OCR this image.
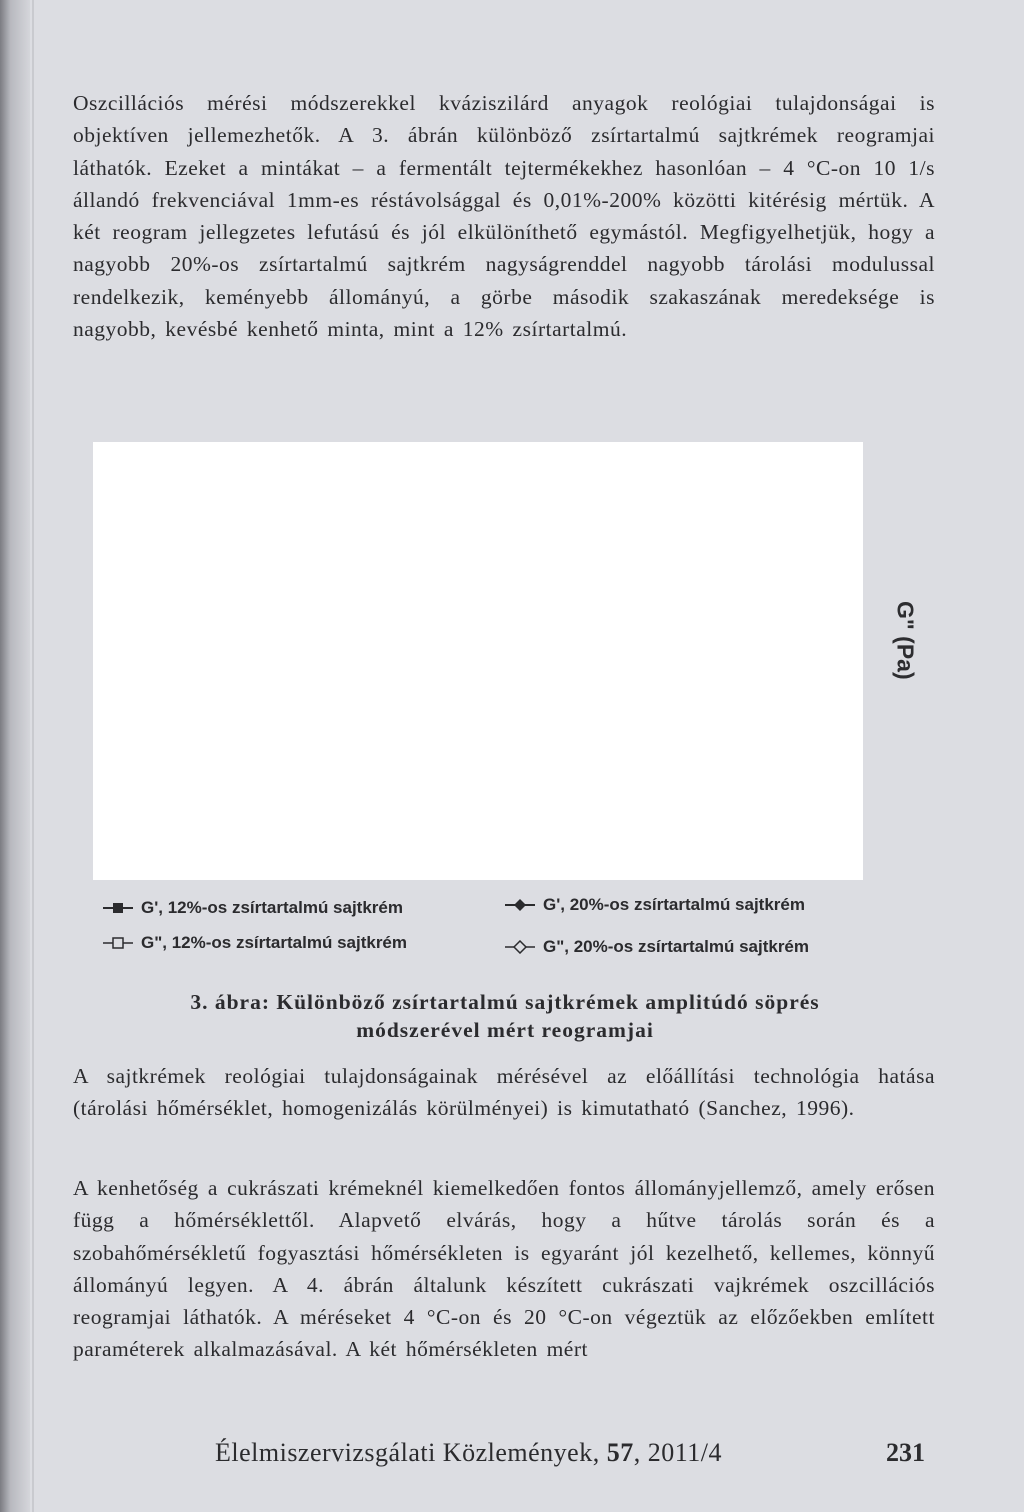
Oszcillációs mérési módszerekkel kváziszilárd anyagok reológiai tulajdonságai is objektíven jellemezhetők. A 3. ábrán különböző zsírtartalmú sajtkrémek reogramjai láthatók. Ezeket a mintákat – a fermentált tejtermékekhez hasonlóan – 4 °C-on 10 1/s állandó frekvenciával 1mm-es réstávolsággal és 0,01%-200% közötti kitérésig mértük. A két reogram jellegzetes lefutású és jól elkülöníthető egymástól. Megfigyelhetjük, hogy a nagyobb 20%-os zsírtartalmú sajtkrém nagyságrenddel nagyobb tárolási modulussal rendelkezik, keményebb állományú, a görbe második szakaszának meredeksége is nagyobb, kevésbé kenhető minta, mint a 12% zsírtartalmú.

G" (Pa)
G', 12%-os zsírtartalmú sajtkrém	G', 20%-os zsírtartalmú sajtkrém
G", 12%-os zsírtartalmú sajtkrém	G", 20%-os zsírtartalmú sajtkrém
3. ábra: Különböző zsírtartalmú sajtkrémek amplitúdó söprés
módszerével mért reogramjai

A sajtkrémek reológiai tulajdonságainak mérésével az előállítási technológia hatása (tárolási hőmérséklet, homogenizálás körülményei) is kimutatható (Sanchez, 1996).

A kenhetőség a cukrászati krémeknél kiemelkedően fontos állományjellemző, amely erősen függ a hőmérséklettől. Alapvető elvárás, hogy a hűtve tárolás során és a szobahőmérsékletű fogyasztási hőmérsékleten is egyaránt jól kezelhető, kellemes, könnyű állományú legyen. A 4. ábrán általunk készített cukrászati vajkrémek oszcillációs reogramjai láthatók. A méréseket 4 °C-on és 20 °C-on végeztük az előzőekben említett paraméterek alkalmazásával. A két hőmérsékleten mért

Élelmiszervizsgálati Közlemények, 57, 2011/4	231
